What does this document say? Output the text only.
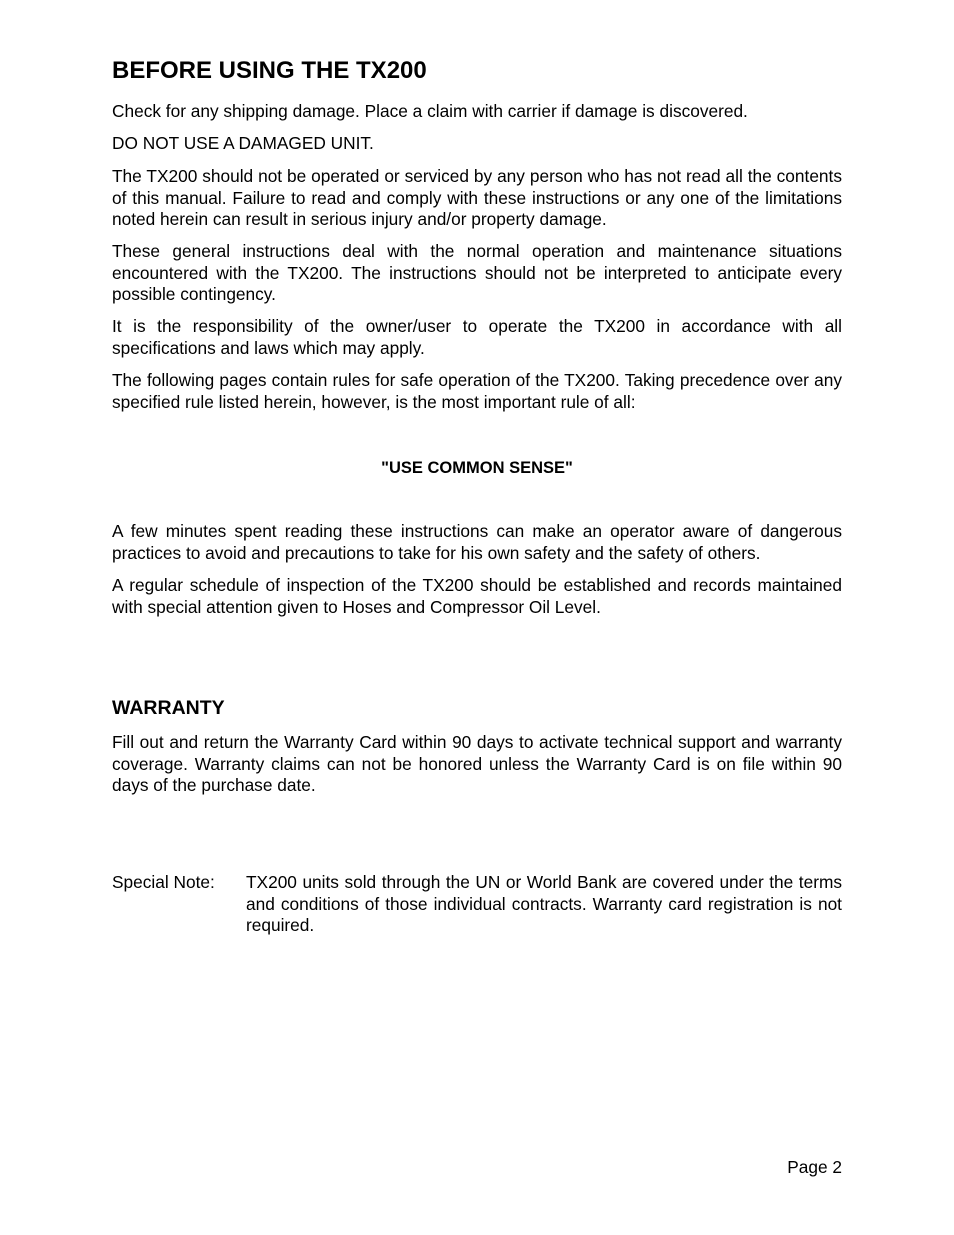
BEFORE USING THE TX200

Check for any shipping damage. Place a claim with carrier if damage is discovered.

DO NOT USE A DAMAGED UNIT.

The TX200 should not be operated or serviced by any person who has not read all the contents of this manual. Failure to read and comply with these instructions or any one of the limitations noted herein can result in serious injury and/or property damage.

These general instructions deal with the normal operation and maintenance situations encountered with the TX200. The instructions should not be interpreted to anticipate every possible contingency.

It is the responsibility of the owner/user to operate the TX200 in accordance with all specifications and laws which may apply.

The following pages contain rules for safe operation of the TX200. Taking precedence over any specified rule listed herein, however, is the most important rule of all:

"USE COMMON SENSE"

A few minutes spent reading these instructions can make an operator aware of dangerous practices to avoid and precautions to take for his own safety and the safety of others.

A regular schedule of inspection of the TX200 should be established and records maintained with special attention given to Hoses and Compressor Oil Level.

WARRANTY

Fill out and return the Warranty Card within 90 days to activate technical support and warranty coverage. Warranty claims can not be honored unless the Warranty Card is on file within 90 days of the purchase date.

Special Note:	TX200 units sold through the UN or World Bank are covered under the terms and conditions of those individual contracts. Warranty card registration is not required.

Page 2
